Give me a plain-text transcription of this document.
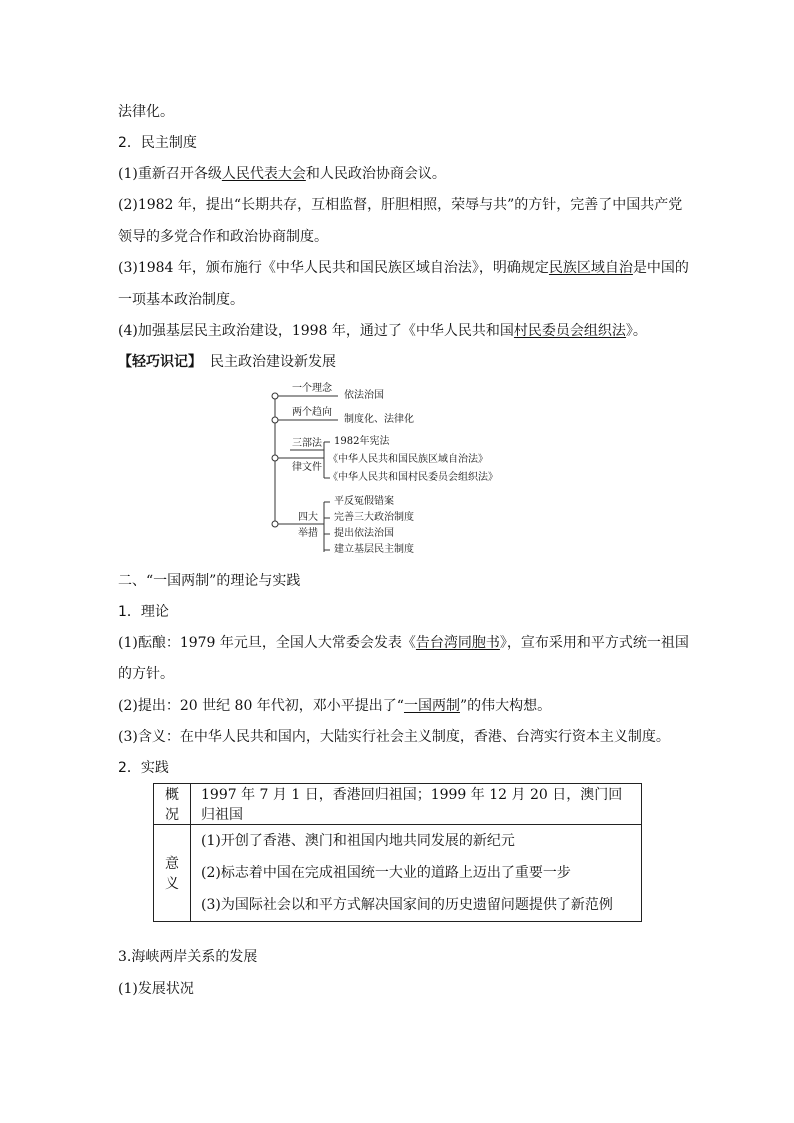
法律化。
2．民主制度
(1)重新召开各级人民代表大会和人民政治协商会议。
(2)1982 年，提出“长期共存，互相监督，肝胆相照，荣辱与共”的方针，完善了中国共产党
领导的多党合作和政治协商制度。
(3)1984 年，颁布施行《中华人民共和国民族区域自治法》，明确规定民族区域自治是中国的
一项基本政治制度。
(4)加强基层民主政治建设，1998 年，通过了《中华人民共和国村民委员会组织法》。
【轻巧识记】 民主政治建设新发展
一个理念
依法治国
两个趋向
制度化、法律化
三部法
律文件
1982年宪法
《中华人民共和国民族区域自治法》
《中华人民共和国村民委员会组织法》
四大
举措
平反冤假错案
完善三大政治制度
提出依法治国
建立基层民主制度
二、“一国两制”的理论与实践
1．理论
(1)酝酿：1979 年元旦，全国人大常委会发表《告台湾同胞书》，宣布采用和平方式统一祖国
的方针。
(2)提出：20 世纪 80 年代初，邓小平提出了“一国两制”的伟大构想。
(3)含义：在中华人民共和国内，大陆实行社会主义制度，香港、台湾实行资本主义制度。
2．实践
概况	1997 年 7 月 1 日，香港回归祖国；1999 年 12 月 20 日，澳门回归祖国
意义	(1)开创了香港、澳门和祖国内地共同发展的新纪元
(2)标志着中国在完成祖国统一大业的道路上迈出了重要一步
(3)为国际社会以和平方式解决国家间的历史遗留问题提供了新范例
3.海峡两岸关系的发展
(1)发展状况
